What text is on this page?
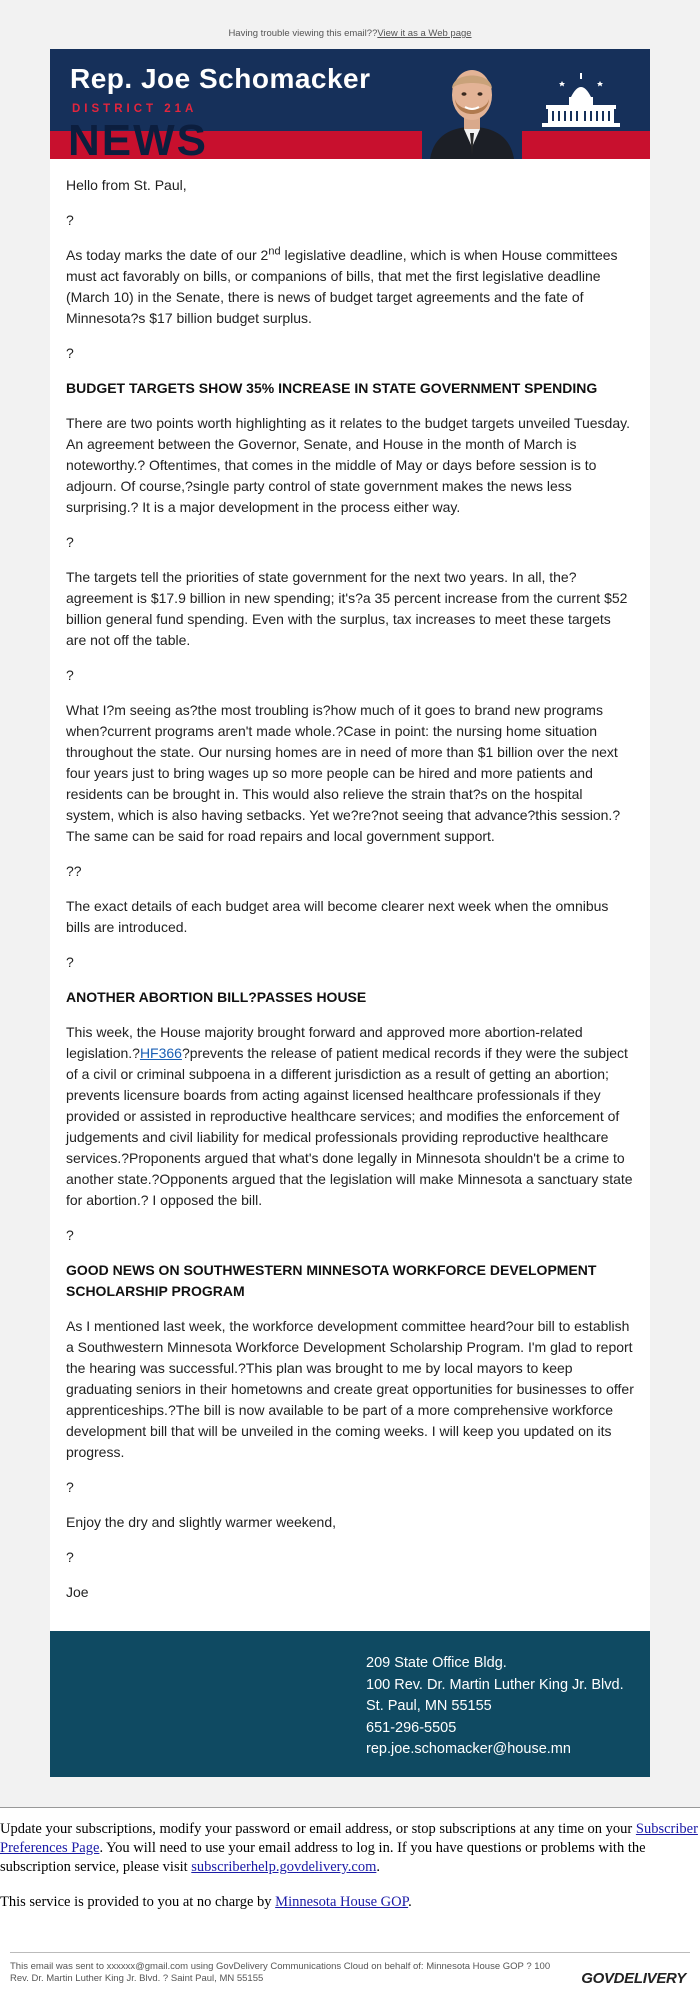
Having trouble viewing this email??View it as a Web page
Rep. Joe Schomacker
DISTRICT 21A
NEWS

Hello from St. Paul,

?

As today marks the date of our 2nd legislative deadline, which is when House committees must act favorably on bills, or companions of bills, that met the first legislative deadline (March 10) in the Senate, there is news of budget target agreements and the fate of Minnesota?s $17 billion budget surplus.

?

BUDGET TARGETS SHOW 35% INCREASE IN STATE GOVERNMENT SPENDING

There are two points worth highlighting as it relates to the budget targets unveiled Tuesday. An agreement between the Governor, Senate, and House in the month of March is noteworthy.? Oftentimes, that comes in the middle of May or days before session is to adjourn. Of course,?single party control of state government makes the news less surprising.? It is a major development in the process either way.

?

The targets tell the priorities of state government for the next two years. In all, the?agreement is $17.9 billion in new spending; it's?a 35 percent increase from the current $52 billion general fund spending. Even with the surplus, tax increases to meet these targets are not off the table.

?

What I?m seeing as?the most troubling is?how much of it goes to brand new programs when?current programs aren't made whole.?Case in point: the nursing home situation throughout the state. Our nursing homes are in need of more than $1 billion over the next four years just to bring wages up so more people can be hired and more patients and residents can be brought in. This would also relieve the strain that?s on the hospital system, which is also having setbacks. Yet we?re?not seeing that advance?this session.?The same can be said for road repairs and local government support.

??

The exact details of each budget area will become clearer next week when the omnibus bills are introduced.

?

ANOTHER ABORTION BILL?PASSES HOUSE

This week, the House majority brought forward and approved more abortion-related legislation.?HF366?prevents the release of patient medical records if they were the subject of a civil or criminal subpoena in a different jurisdiction as a result of getting an abortion; prevents licensure boards from acting against licensed healthcare professionals if they provided or assisted in reproductive healthcare services; and modifies the enforcement of judgements and civil liability for medical professionals providing reproductive healthcare services.?Proponents argued that what's done legally in Minnesota shouldn't be a crime to another state.?Opponents argued that the legislation will make Minnesota a sanctuary state for abortion.? I opposed the bill.

?

GOOD NEWS ON SOUTHWESTERN MINNESOTA WORKFORCE DEVELOPMENT SCHOLARSHIP PROGRAM

As I mentioned last week, the workforce development committee heard?our bill to establish a Southwestern Minnesota Workforce Development Scholarship Program. I'm glad to report the hearing was successful.?This plan was brought to me by local mayors to keep graduating seniors in their hometowns and create great opportunities for businesses to offer apprenticeships.?The bill is now available to be part of a more comprehensive workforce development bill that will be unveiled in the coming weeks. I will keep you updated on its progress.

?

Enjoy the dry and slightly warmer weekend,

?

Joe

209 State Office Bldg.
100 Rev. Dr. Martin Luther King Jr. Blvd.
St. Paul, MN 55155
651-296-5505
rep.joe.schomacker@house.mn

Update your subscriptions, modify your password or email address, or stop subscriptions at any time on your Subscriber Preferences Page. You will need to use your email address to log in. If you have questions or problems with the subscription service, please visit subscriberhelp.govdelivery.com.

This service is provided to you at no charge by Minnesota House GOP.

This email was sent to xxxxxx@gmail.com using GovDelivery Communications Cloud on behalf of: Minnesota House GOP ? 100 Rev. Dr. Martin Luther King Jr. Blvd. ? Saint Paul, MN 55155	GOVDELIVERY
